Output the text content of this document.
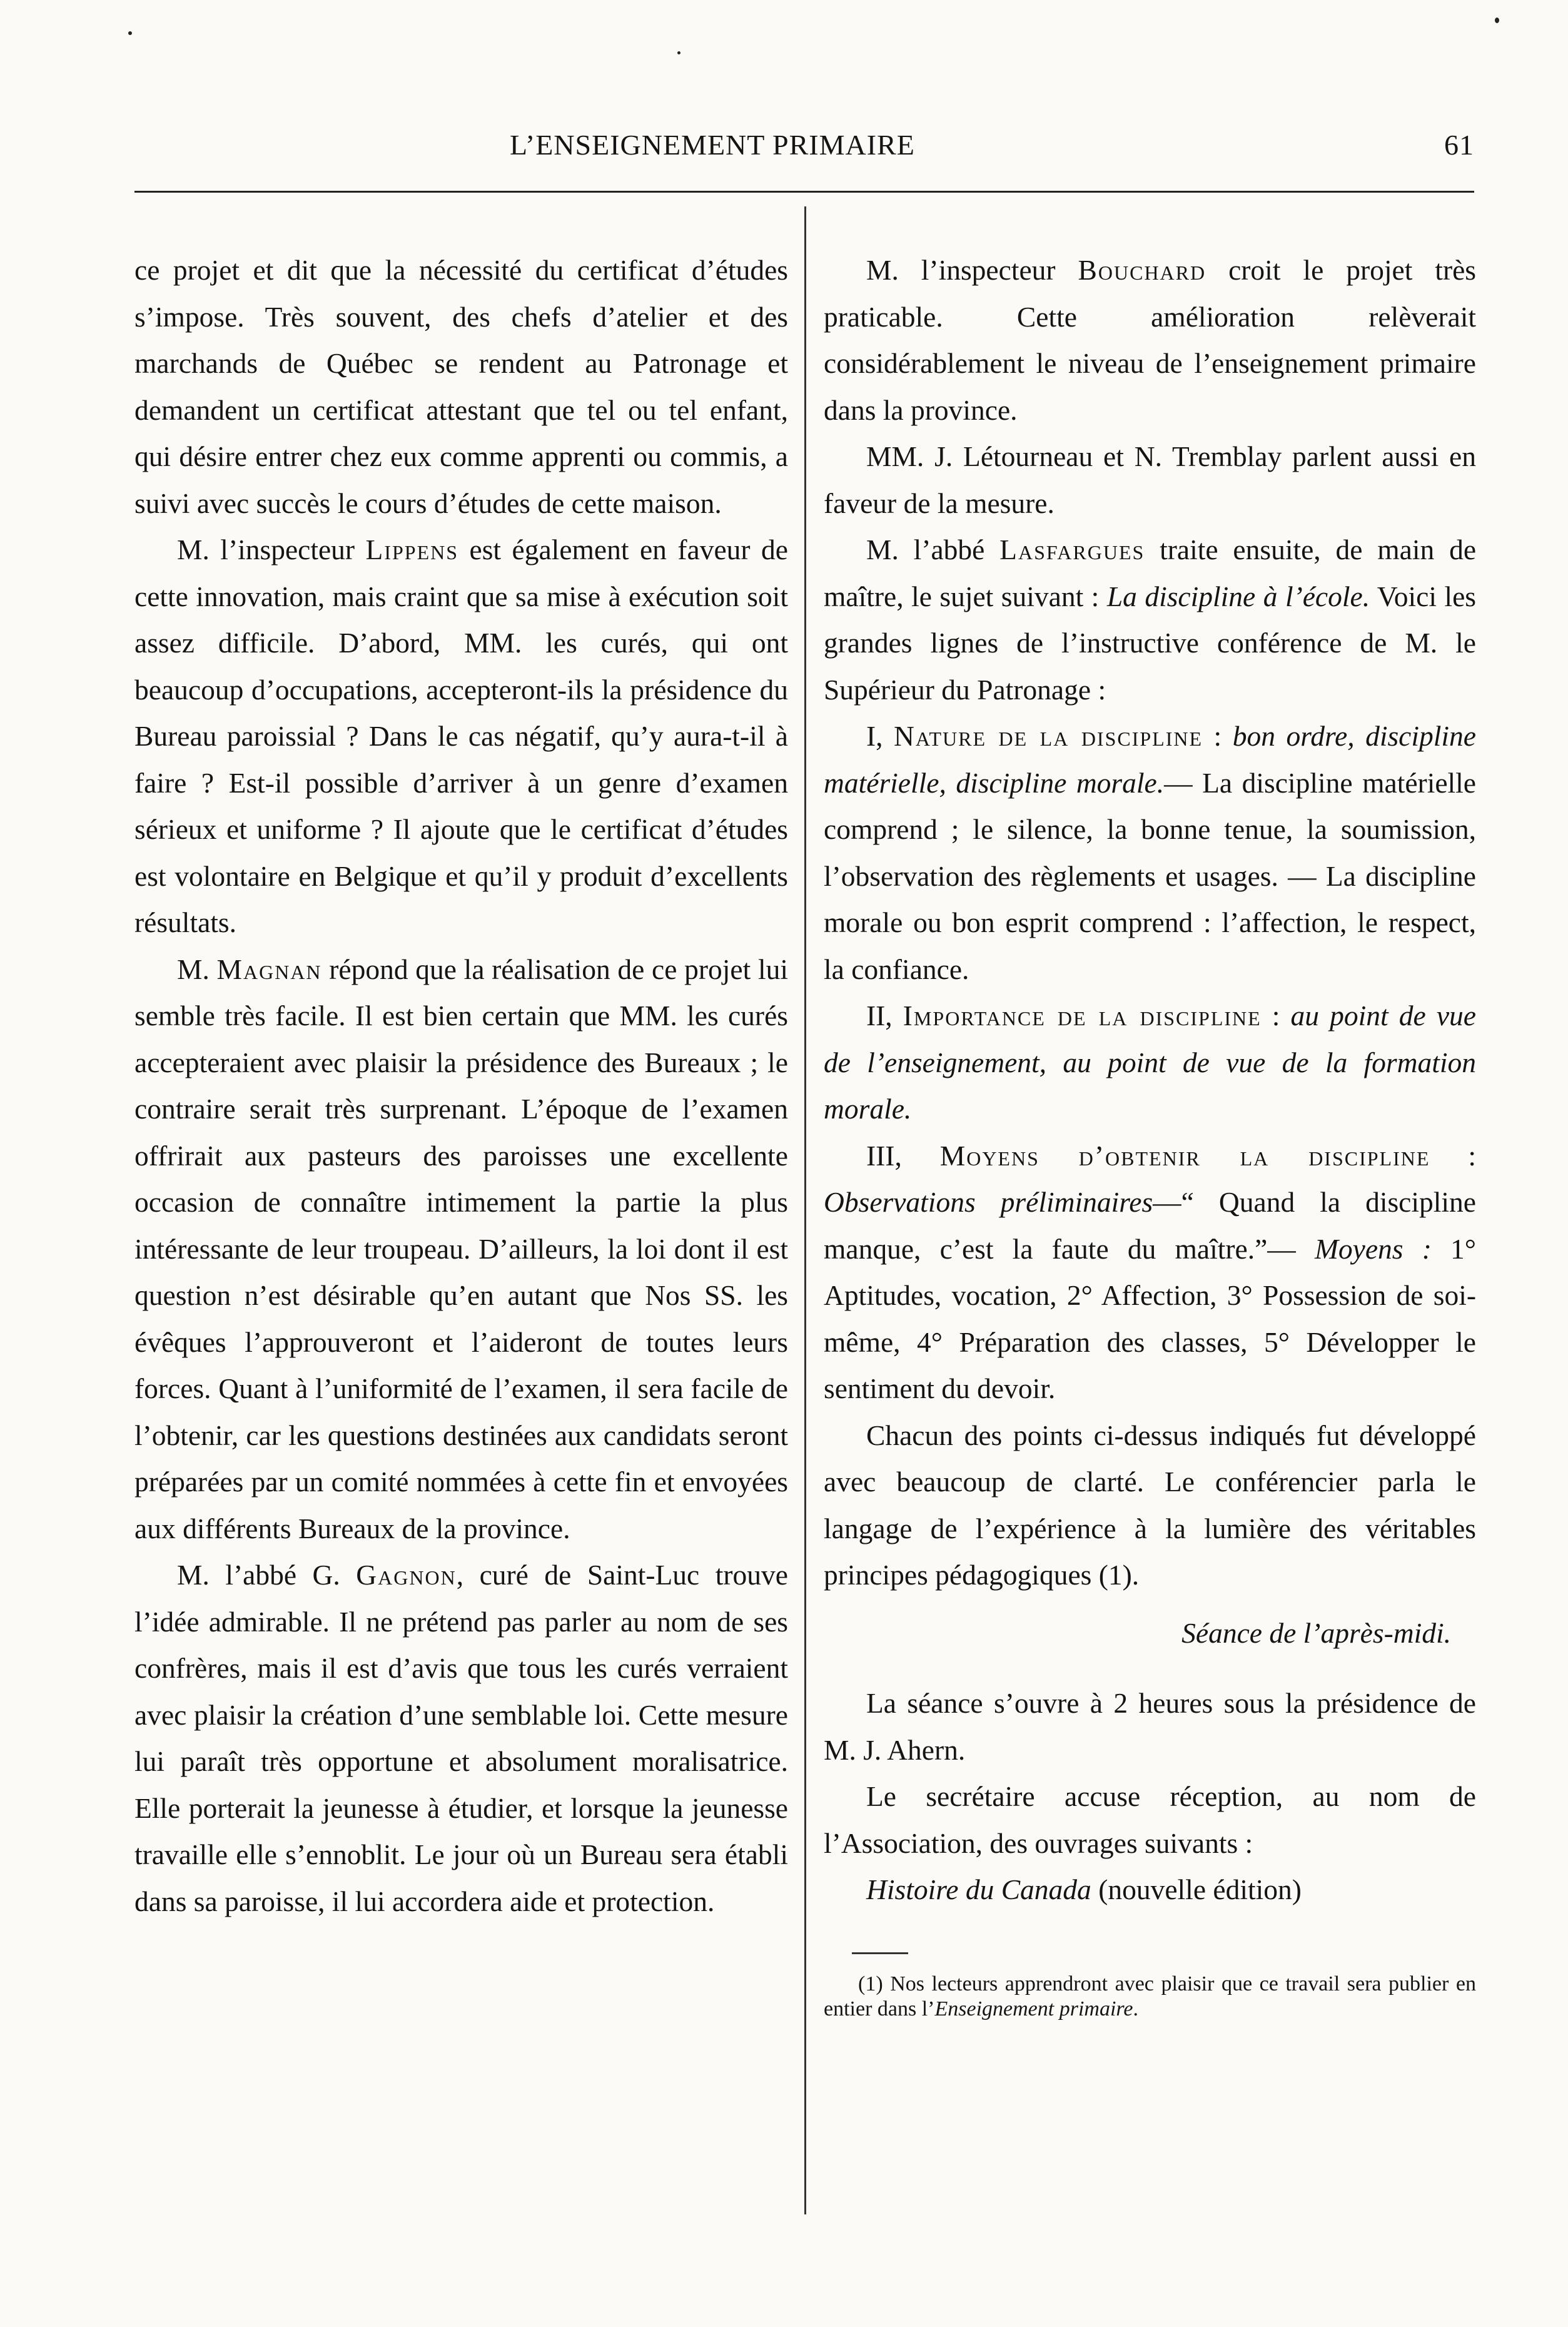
L’ENSEIGNEMENT PRIMAIRE	61

ce projet et dit que la nécessité du certificat d’études s’impose. Très souvent, des chefs d’atelier et des marchands de Québec se rendent au Patronage et demandent un certificat attestant que tel ou tel enfant, qui désire entrer chez eux comme apprenti ou commis, a suivi avec succès le cours d’études de cette maison.

M. l’inspecteur Lippens est également en faveur de cette innovation, mais craint que sa mise à exécution soit assez difficile. D’abord, MM. les curés, qui ont beaucoup d’occupations, accepteront-ils la présidence du Bureau paroissial ? Dans le cas négatif, qu’y aura-t-il à faire ? Est-il possible d’arriver à un genre d’examen sérieux et uniforme ? Il ajoute que le certificat d’études est volontaire en Belgique et qu’il y produit d’excellents résultats.

M. Magnan répond que la réalisation de ce projet lui semble très facile. Il est bien certain que MM. les curés accepteraient avec plaisir la présidence des Bureaux ; le contraire serait très surprenant. L’époque de l’examen offrirait aux pasteurs des paroisses une excellente occasion de connaître intimement la partie la plus intéressante de leur troupeau. D’ailleurs, la loi dont il est question n’est désirable qu’en autant que Nos SS. les évêques l’approuveront et l’aideront de toutes leurs forces. Quant à l’uniformité de l’examen, il sera facile de l’obtenir, car les questions destinées aux candidats seront préparées par un comité nommées à cette fin et envoyées aux différents Bureaux de la province.

M. l’abbé G. Gagnon, curé de Saint-Luc trouve l’idée admirable. Il ne prétend pas parler au nom de ses confrères, mais il est d’avis que tous les curés verraient avec plaisir la création d’une semblable loi. Cette mesure lui paraît très opportune et absolument moralisatrice. Elle porterait la jeunesse à étudier, et lorsque la jeunesse travaille elle s’ennoblit. Le jour où un Bureau sera établi dans sa paroisse, il lui accordera aide et protection.

M. l’inspecteur Bouchard croit le projet très praticable. Cette amélioration relèverait considérablement le niveau de l’enseignement primaire dans la province.

MM. J. Létourneau et N. Tremblay parlent aussi en faveur de la mesure.

M. l’abbé Lasfargues traite ensuite, de main de maître, le sujet suivant : La discipline à l’école. Voici les grandes lignes de l’instructive conférence de M. le Supérieur du Patronage :

I, Nature de la discipline : bon ordre, discipline matérielle, discipline morale.— La discipline matérielle comprend ; le silence, la bonne tenue, la soumission, l’observation des règlements et usages. — La discipline morale ou bon esprit comprend : l’affection, le respect, la confiance.

II, Importance de la discipline : au point de vue de l’enseignement, au point de vue de la formation morale.

III, Moyens d’obtenir la discipline : Observations préliminaires—“ Quand la discipline manque, c’est la faute du maître.”— Moyens : 1° Aptitudes, vocation, 2° Affection, 3° Possession de soi-même, 4° Préparation des classes, 5° Développer le sentiment du devoir.

Chacun des points ci-dessus indiqués fut développé avec beaucoup de clarté. Le conférencier parla le langage de l’expérience à la lumière des véritables principes pédagogiques (1).

Séance de l’après-midi.

La séance s’ouvre à 2 heures sous la présidence de M. J. Ahern.

Le secrétaire accuse réception, au nom de l’Association, des ouvrages suivants :

Histoire du Canada (nouvelle édition)

(1) Nos lecteurs apprendront avec plaisir que ce travail sera publier en entier dans l’Enseignement primaire.
